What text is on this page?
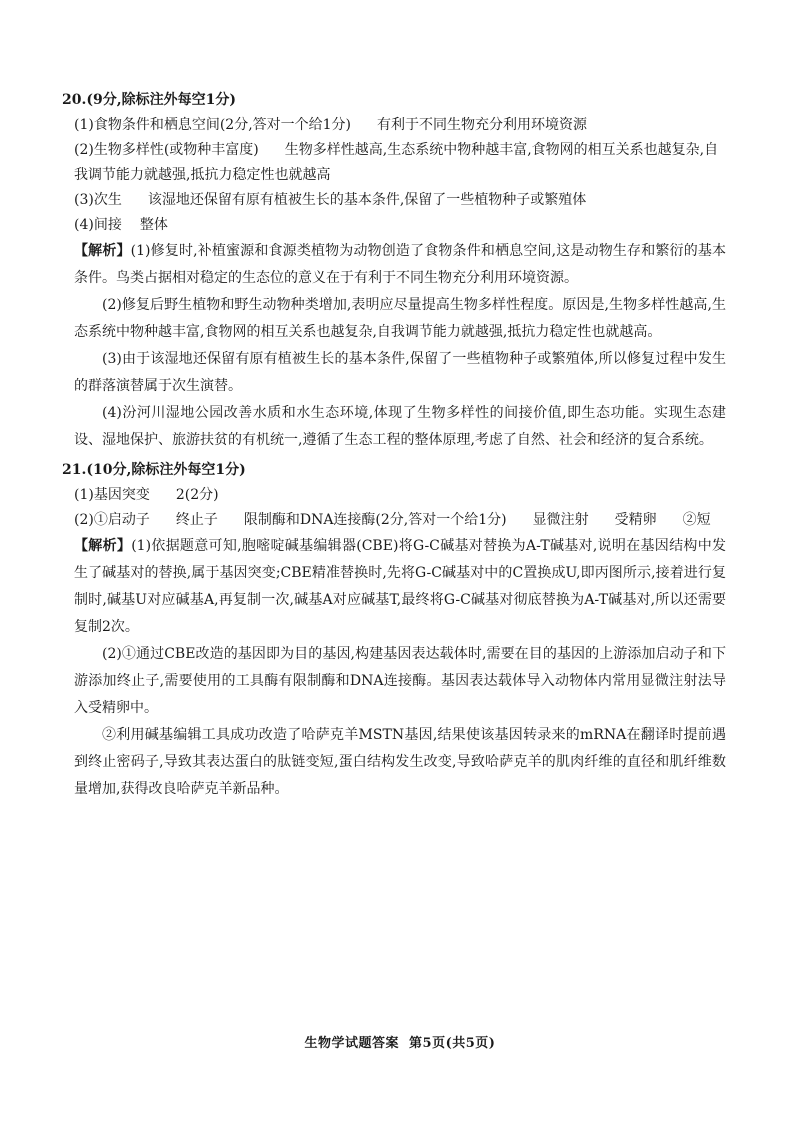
20.(9分,除标注外每空1分)
(1)食物条件和栖息空间(2分,答对一个给1分) 有利于不同生物充分利用环境资源
(2)生物多样性(或物种丰富度) 生物多样性越高,生态系统中物种越丰富,食物网的相互关系也越复杂,自我调节能力就越强,抵抗力稳定性也就越高
(3)次生 该湿地还保留有原有植被生长的基本条件,保留了一些植物种子或繁殖体
(4)间接 整体
【解析】(1)修复时,补植蜜源和食源类植物为动物创造了食物条件和栖息空间,这是动物生存和繁衍的基本条件。鸟类占据相对稳定的生态位的意义在于有利于不同生物充分利用环境资源。
(2)修复后野生植物和野生动物种类增加,表明应尽量提高生物多样性程度。原因是,生物多样性越高,生态系统中物种越丰富,食物网的相互关系也越复杂,自我调节能力就越强,抵抗力稳定性也就越高。
(3)由于该湿地还保留有原有植被生长的基本条件,保留了一些植物种子或繁殖体,所以修复过程中发生的群落演替属于次生演替。
(4)汾河川湿地公园改善水质和水生态环境,体现了生物多样性的间接价值,即生态功能。实现生态建设、湿地保护、旅游扶贫的有机统一,遵循了生态工程的整体原理,考虑了自然、社会和经济的复合系统。
21.(10分,除标注外每空1分)
(1)基因突变 2(2分)
(2)①启动子 终止子 限制酶和DNA连接酶(2分,答对一个给1分) 显微注射 受精卵 ②短
【解析】(1)依据题意可知,胞嘧啶碱基编辑器(CBE)将G-C碱基对替换为A-T碱基对,说明在基因结构中发生了碱基对的替换,属于基因突变;CBE精准替换时,先将G-C碱基对中的C置换成U,即丙图所示,接着进行复制时,碱基U对应碱基A,再复制一次,碱基A对应碱基T,最终将G-C碱基对彻底替换为A-T碱基对,所以还需要复制2次。
(2)①通过CBE改造的基因即为目的基因,构建基因表达载体时,需要在目的基因的上游添加启动子和下游添加终止子,需要使用的工具酶有限制酶和DNA连接酶。基因表达载体导入动物体内常用显微注射法导入受精卵中。
②利用碱基编辑工具成功改造了哈萨克羊MSTN基因,结果使该基因转录来的mRNA在翻译时提前遇到终止密码子,导致其表达蛋白的肽链变短,蛋白结构发生改变,导致哈萨克羊的肌肉纤维的直径和肌纤维数量增加,获得改良哈萨克羊新品种。
生物学试题答案 第5页(共5页)
